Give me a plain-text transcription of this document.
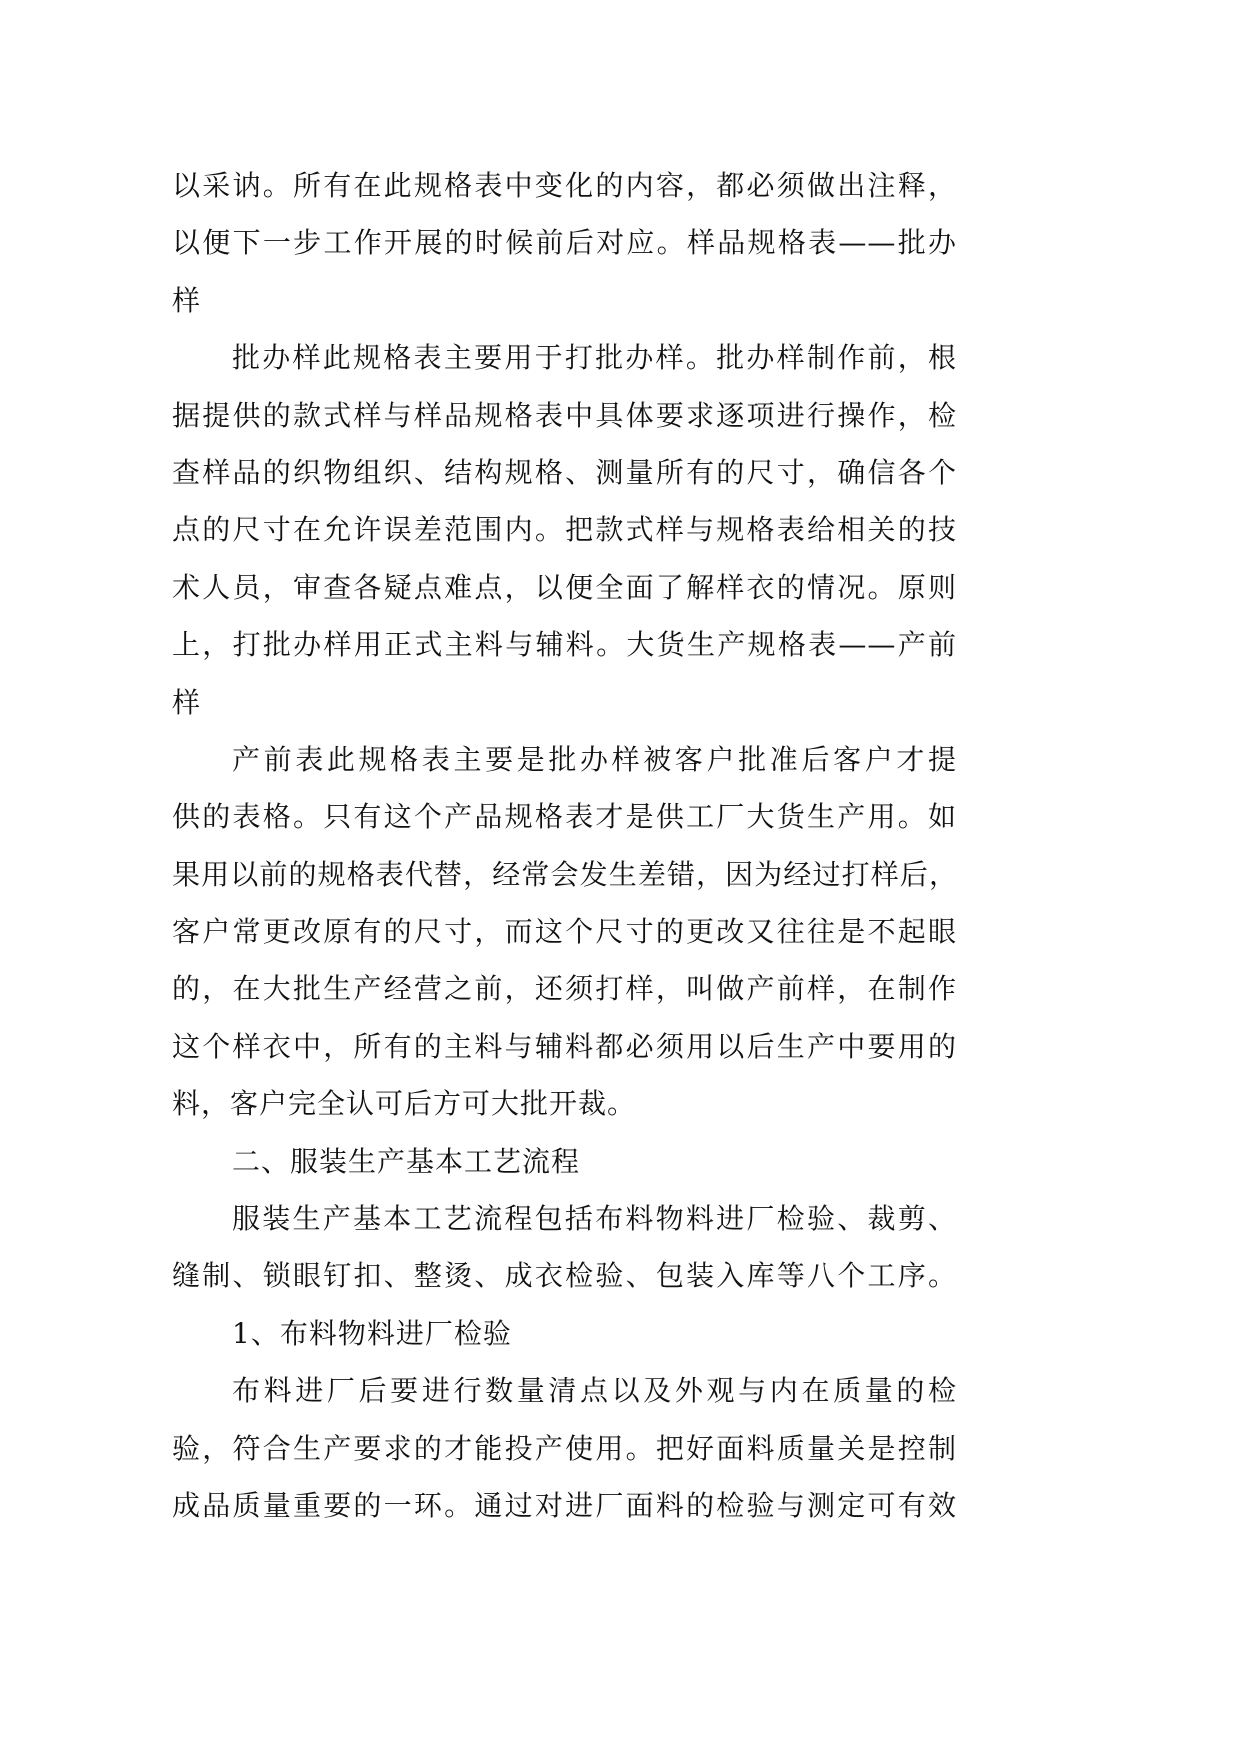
以采讷。所有在此规格表中变化的内容，都必须做出注释，
以便下一步工作开展的时候前后对应。样品规格表——批办
样
批办样此规格表主要用于打批办样。批办样制作前，根
据提供的款式样与样品规格表中具体要求逐项进行操作，检
查样品的织物组织、结构规格、测量所有的尺寸，确信各个
点的尺寸在允许误差范围内。把款式样与规格表给相关的技
术人员，审查各疑点难点，以便全面了解样衣的情况。原则
上，打批办样用正式主料与辅料。大货生产规格表——产前
样
产前表此规格表主要是批办样被客户批准后客户才提
供的表格。只有这个产品规格表才是供工厂大货生产用。如
果用以前的规格表代替，经常会发生差错，因为经过打样后，
客户常更改原有的尺寸，而这个尺寸的更改又往往是不起眼
的，在大批生产经营之前，还须打样，叫做产前样，在制作
这个样衣中，所有的主料与辅料都必须用以后生产中要用的
料，客户完全认可后方可大批开裁。
二、服装生产基本工艺流程
服装生产基本工艺流程包括布料物料进厂检验、裁剪、
缝制、锁眼钉扣、整烫、成衣检验、包装入库等八个工序。
1、布料物料进厂检验
布料进厂后要进行数量清点以及外观与内在质量的检
验，符合生产要求的才能投产使用。把好面料质量关是控制
成品质量重要的一环。通过对进厂面料的检验与测定可有效
